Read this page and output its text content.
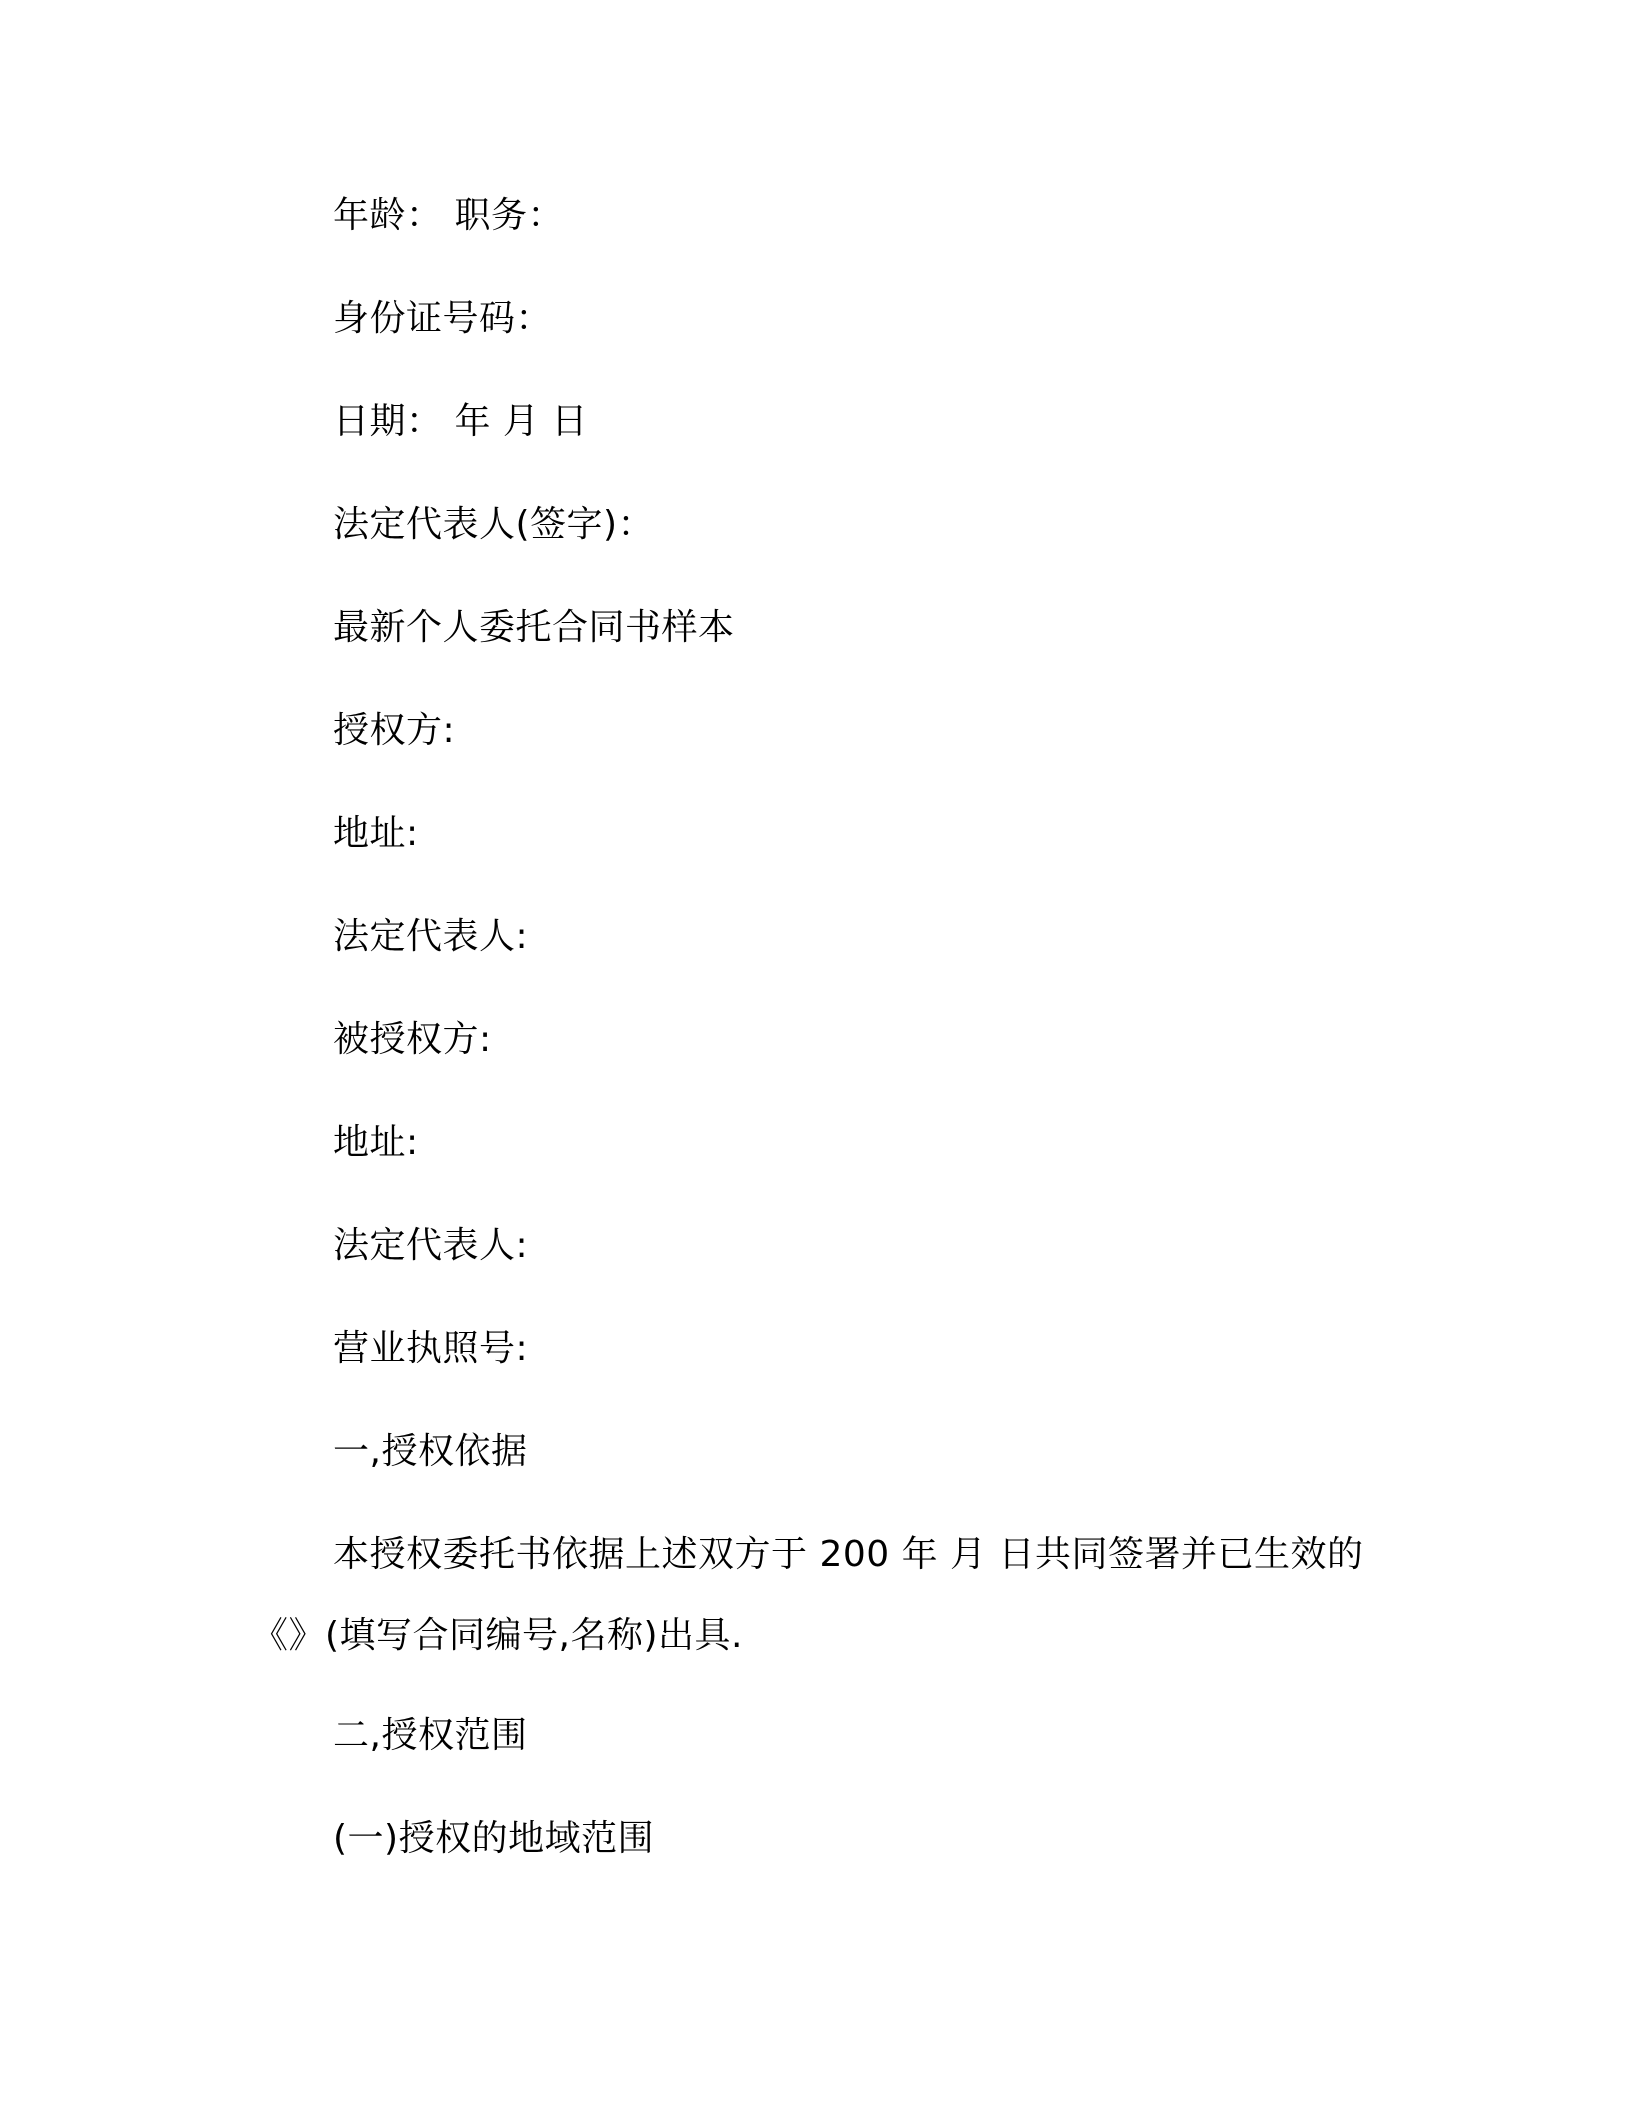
年龄： 职务：
身份证号码：
日期： 年 月 日
法定代表人(签字)：
最新个人委托合同书样本
授权方:
地址:
法定代表人:
被授权方:
地址:
法定代表人:
营业执照号:
一,授权依据
本授权委托书依据上述双方于 200 年 月 日共同签署并已生效的
《》(填写合同编号,名称)出具.
二,授权范围
(一)授权的地域范围
